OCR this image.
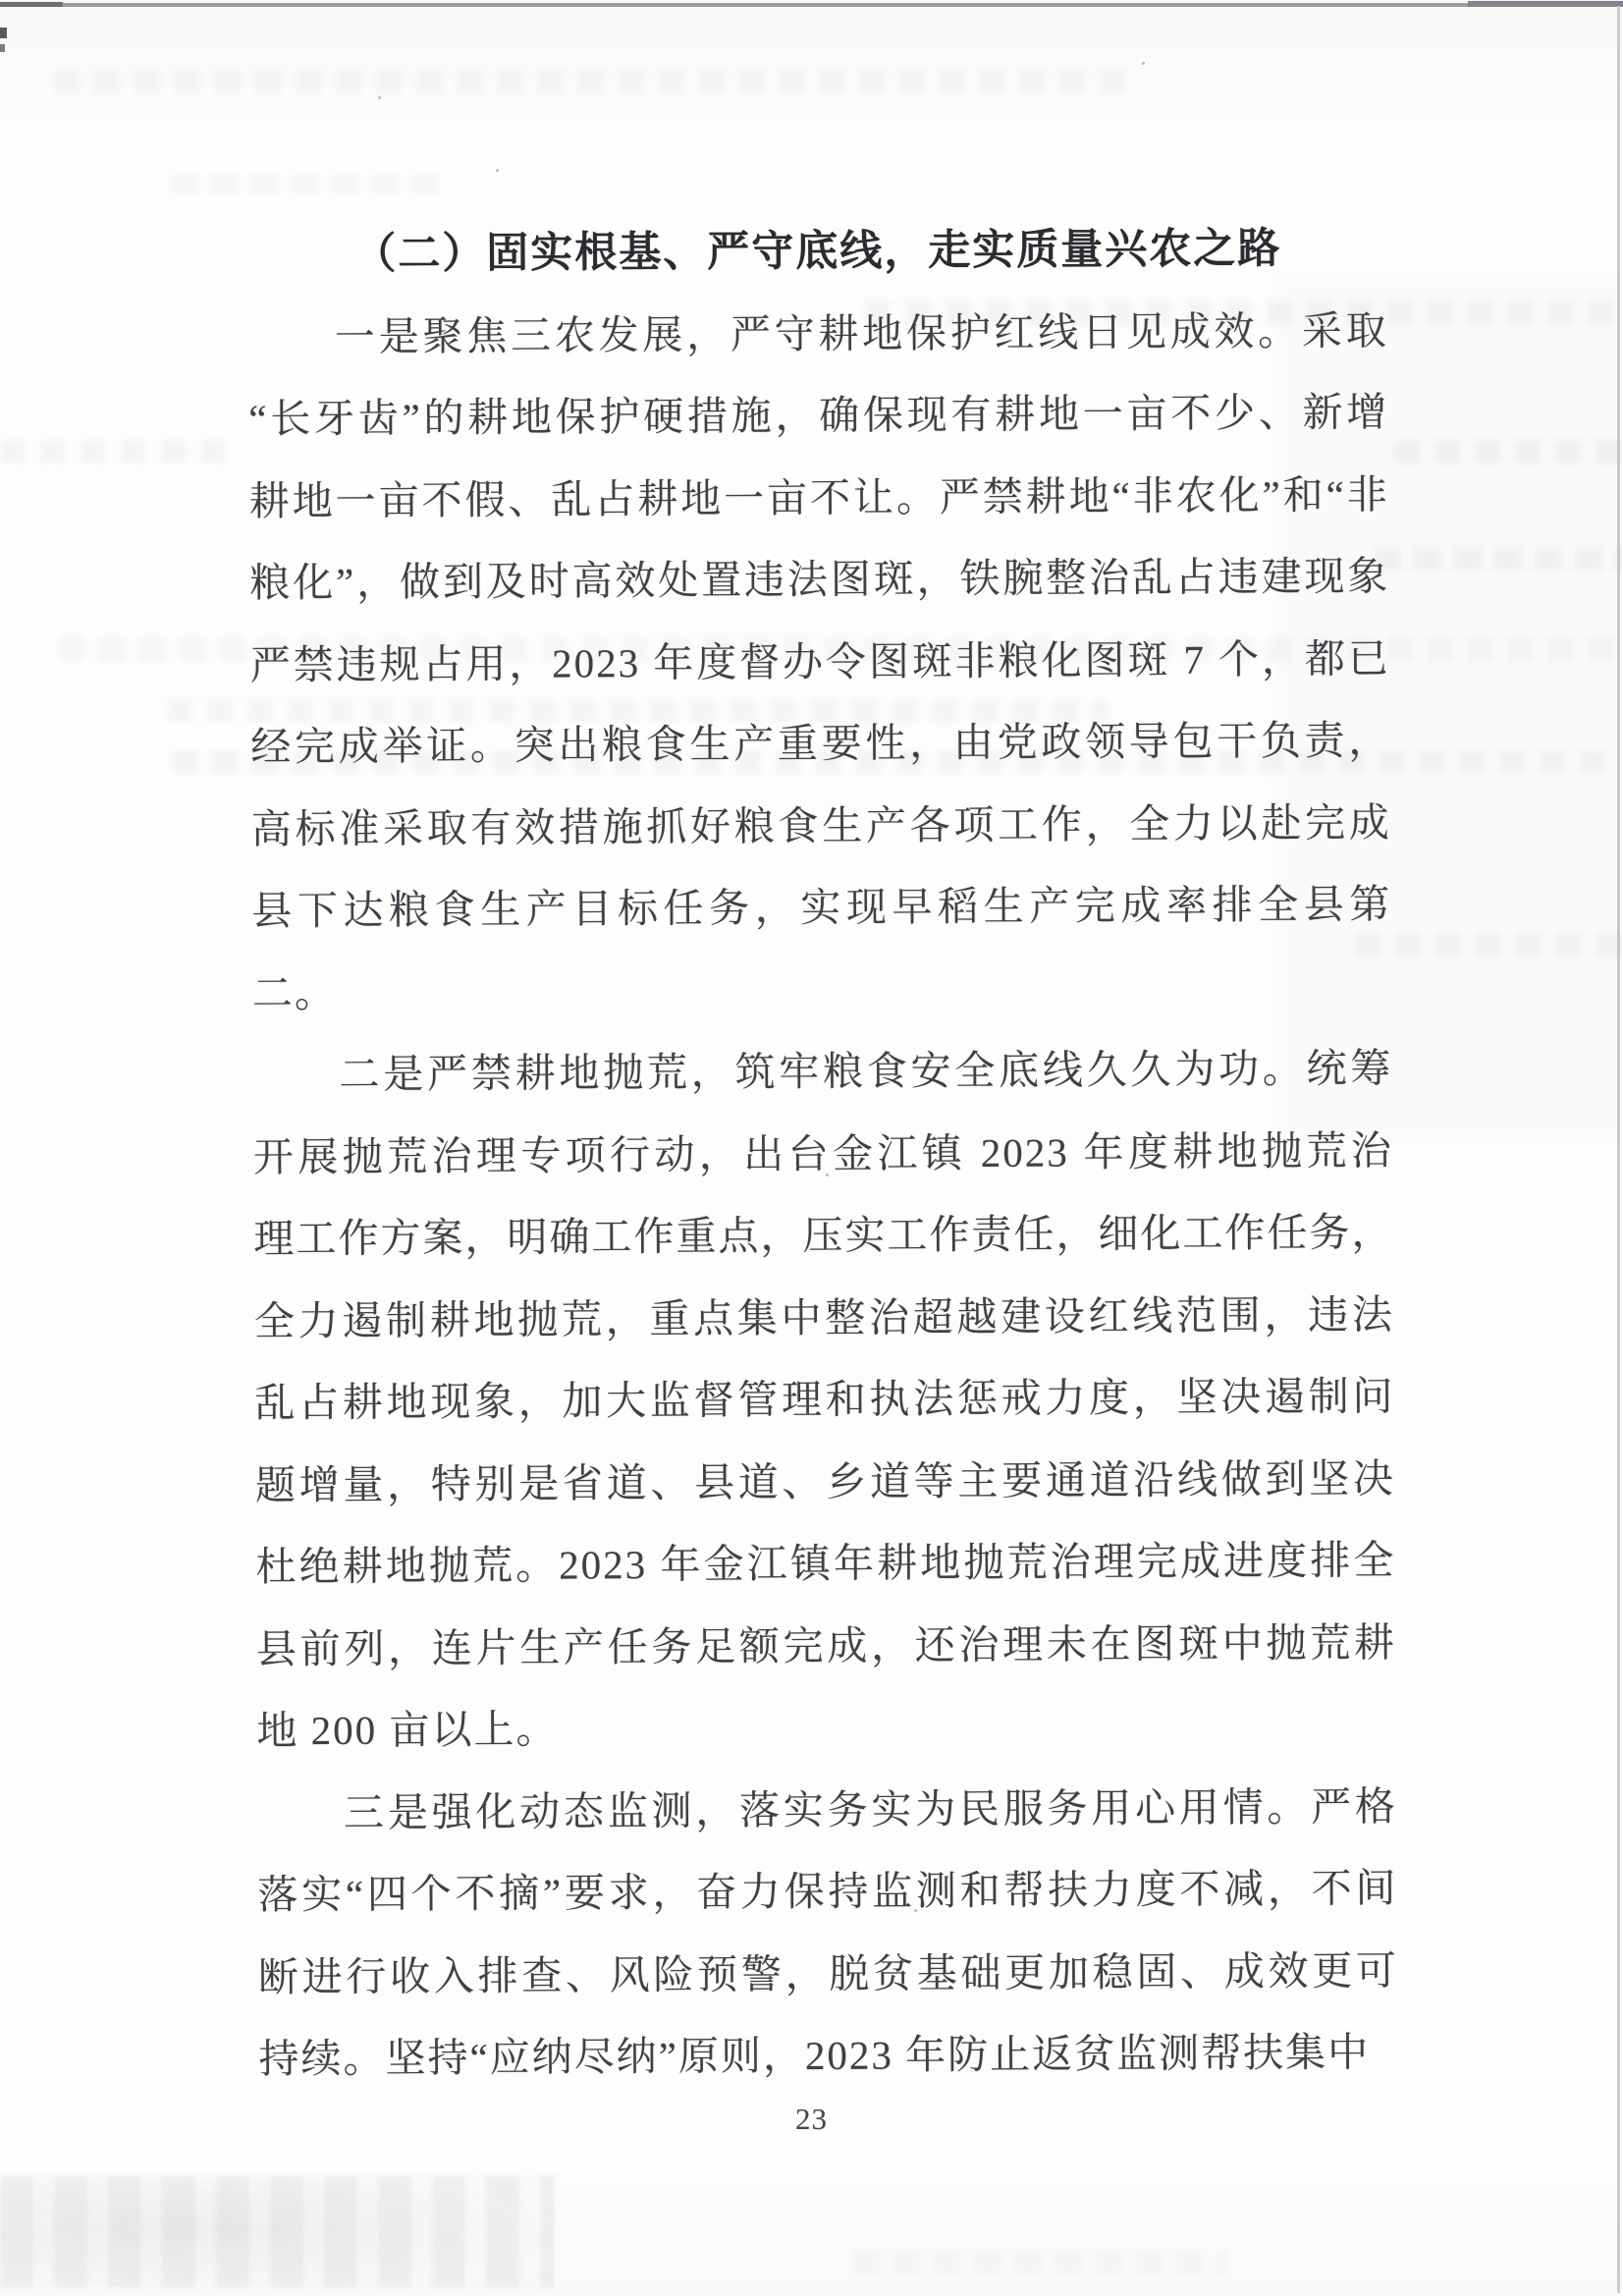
（二）固实根基、严守底线，走实质量兴农之路
一是聚焦三农发展，严守耕地保护红线日见成效。采取
“长牙齿”的耕地保护硬措施，确保现有耕地一亩不少、新增
耕地一亩不假、乱占耕地一亩不让。严禁耕地“非农化”和“非
粮化”，做到及时高效处置违法图斑，铁腕整治乱占违建现象
严禁违规占用，2023 年度督办令图斑非粮化图斑 7 个，都已
经完成举证。突出粮食生产重要性，由党政领导包干负责，
高标准采取有效措施抓好粮食生产各项工作，全力以赴完成
县下达粮食生产目标任务，实现早稻生产完成率排全县第
二。
二是严禁耕地抛荒，筑牢粮食安全底线久久为功。统筹
开展抛荒治理专项行动，出台金江镇 2023 年度耕地抛荒治
理工作方案，明确工作重点，压实工作责任，细化工作任务，
全力遏制耕地抛荒，重点集中整治超越建设红线范围，违法
乱占耕地现象，加大监督管理和执法惩戒力度，坚决遏制问
题增量，特别是省道、县道、乡道等主要通道沿线做到坚决
杜绝耕地抛荒。2023 年金江镇年耕地抛荒治理完成进度排全
县前列，连片生产任务足额完成，还治理未在图斑中抛荒耕
地 200 亩以上。
三是强化动态监测，落实务实为民服务用心用情。严格
落实“四个不摘”要求，奋力保持监测和帮扶力度不减，不间
断进行收入排查、风险预警，脱贫基础更加稳固、成效更可
持续。坚持“应纳尽纳”原则，2023 年防止返贫监测帮扶集中
23
